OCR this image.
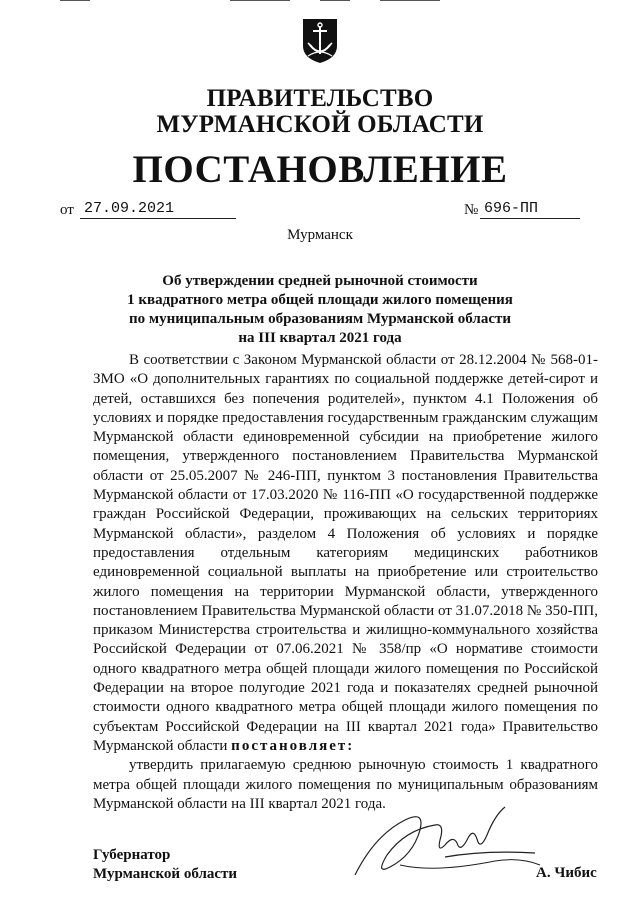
ПРАВИТЕЛЬСТВО
МУРМАНСКОЙ ОБЛАСТИ
ПОСТАНОВЛЕНИЕ
от 27.09.2021	№ 696-ПП
Мурманск
Об утверждении средней рыночной стоимости
1 квадратного метра общей площади жилого помещения
по муниципальным образованиям Мурманской области
на III квартал 2021 года

В соответствии с Законом Мурманской области от 28.12.2004 № 568-01-ЗМО «О дополнительных гарантиях по социальной поддержке детей-сирот и детей, оставшихся без попечения родителей», пунктом 4.1 Положения об условиях и порядке предоставления государственным гражданским служащим Мурманской области единовременной субсидии на приобретение жилого помещения, утвержденного постановлением Правительства Мурманской области от 25.05.2007 № 246-ПП, пунктом 3 постановления Правительства Мурманской области от 17.03.2020 № 116-ПП «О государственной поддержке граждан Российской Федерации, проживающих на сельских территориях Мурманской области», разделом 4 Положения об условиях и порядке предоставления отдельным категориям медицинских работников единовременной социальной выплаты на приобретение или строительство жилого помещения на территории Мурманской области, утвержденного постановлением Правительства Мурманской области от 31.07.2018 № 350-ПП, приказом Министерства строительства и жилищно-коммунального хозяйства Российской Федерации от 07.06.2021 № 358/пр «О нормативе стоимости одного квадратного метра общей площади жилого помещения по Российской Федерации на второе полугодие 2021 года и показателях средней рыночной стоимости одного квадратного метра общей площади жилого помещения по субъектам Российской Федерации на III квартал 2021 года» Правительство Мурманской области постановляет:

утвердить прилагаемую среднюю рыночную стоимость 1 квадратного метра общей площади жилого помещения по муниципальным образованиям Мурманской области на III квартал 2021 года.

Губернатор
Мурманской области	А. Чибис
